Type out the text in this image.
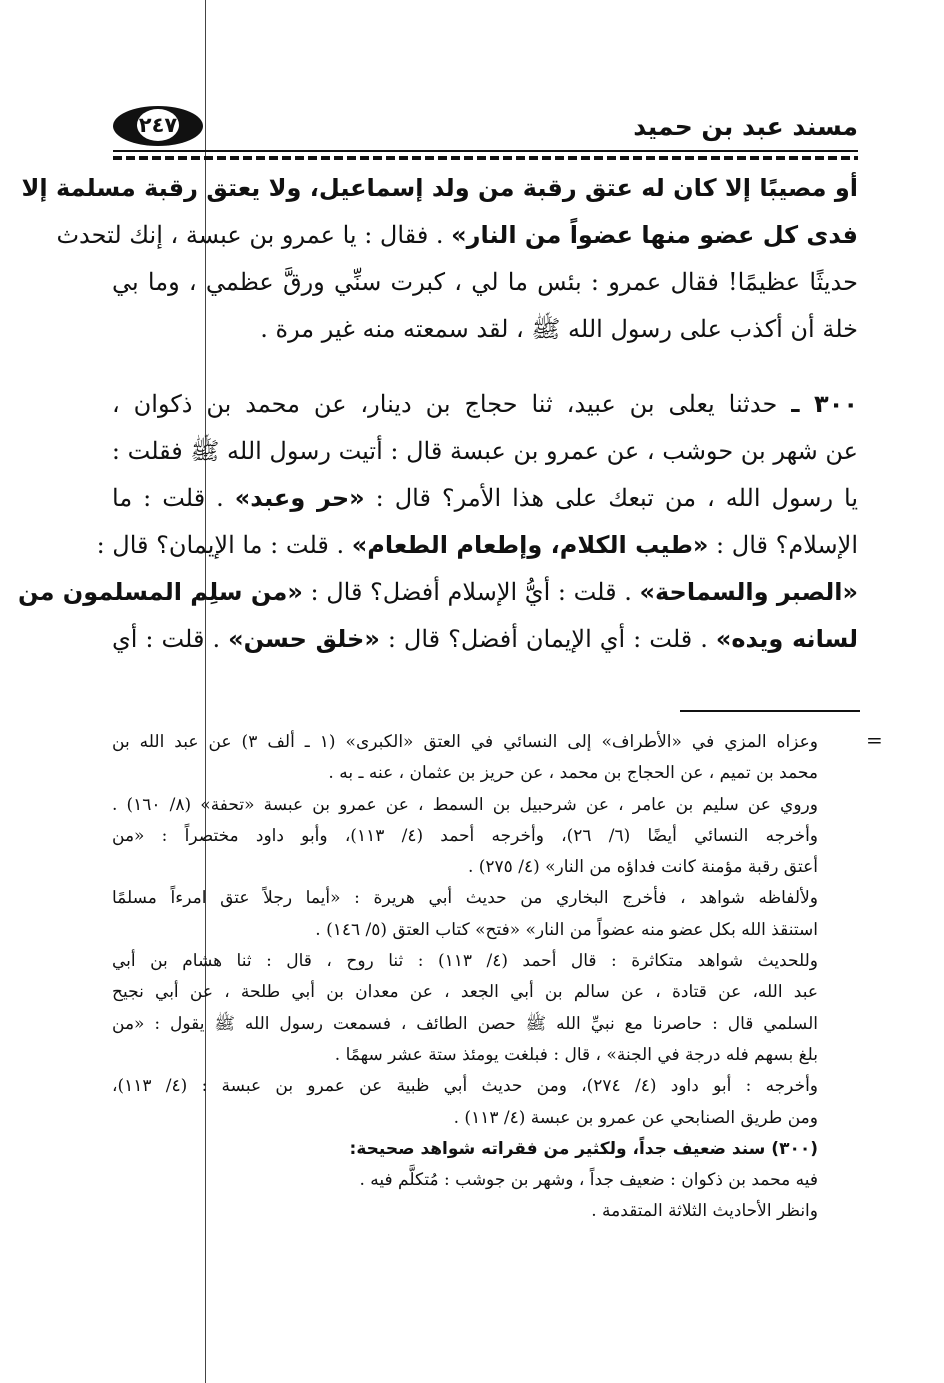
٢٤٧	مسند عبد بن حميد
أو مصيبًا إلا كان له عتق رقبة من ولد إسماعيل، ولا يعتق رقبة مسلمة إلا
فدى كل عضو منها عضواً من النار» . فقال : يا عمرو بن عبسة ، إنك لتحدث
حديثًا عظيمًا! فقال عمرو : بئس ما لي ، كبرت سنِّي ورقَّ عظمي ، وما بي
خلة أن أكذب على رسول الله ﷺ ، لقد سمعته منه غير مرة .
٣٠٠ ـ حدثنا يعلى بن عبيد، ثنا حجاج بن دينار، عن محمد بن ذكوان ،
عن شهر بن حوشب ، عن عمرو بن عبسة قال : أتيت رسول الله ﷺ فقلت :
يا رسول الله ، من تبعك على هذا الأمر؟ قال : «حر وعبد» . قلت : ما
الإسلام؟ قال : «طيب الكلام، وإطعام الطعام» . قلت : ما الإيمان؟ قال :
«الصبر والسماحة» . قلت : أيُّ الإسلام أفضل؟ قال : «من سلِم المسلمون من
لسانه ويده» . قلت : أي الإيمان أفضل؟ قال : «خلق حسن» . قلت : أي
=
وعزاه المزي في «الأطراف» إلى النسائي في العتق «الكبرى» (١ ـ ألف ٣) عن عبد الله بن
محمد بن تميم ، عن الحجاج بن محمد ، عن حريز بن عثمان ، عنه ـ به .
وروي عن سليم بن عامر ، عن شرحبيل بن السمط ، عن عمرو بن عبسة «تحفة» (٨/ ١٦٠) .
وأخرجه النسائي أيضًا (٦/ ٢٦)، وأخرجه أحمد (٤/ ١١٣)، وأبو داود مختصراً : «من
أعتق رقبة مؤمنة كانت فداؤه من النار» (٤/ ٢٧٥) .
ولألفاظه شواهد ، فأخرج البخاري من حديث أبي هريرة : «أيما رجلاً عتق امرءاً مسلمًا
استنقذ الله بكل عضو منه عضواً من النار» «فتح» كتاب العتق (٥/ ١٤٦) .
وللحديث شواهد متكاثرة : قال أحمد (٤/ ١١٣) : ثنا روح ، قال : ثنا هشام بن أبي
عبد الله، عن قتادة ، عن سالم بن أبي الجعد ، عن معدان بن أبي طلحة ، عن أبي نجيح
السلمي قال : حاصرنا مع نبيِّ الله ﷺ حصن الطائف ، فسمعت رسول الله ﷺ يقول : «من
بلغ بسهم فله درجة في الجنة» ، قال : فبلغت يومئذ ستة عشر سهمًا .
وأخرجه : أبو داود (٤/ ٢٧٤)، ومن حديث أبي ظبية عن عمرو بن عبسة : (٤/ ١١٣)،
ومن طريق الصنابحي عن عمرو بن عبسة (٤/ ١١٣) .
(٣٠٠) سند ضعيف جداً، ولكثير من فقراته شواهد صحيحة:
فيه محمد بن ذكوان : ضعيف جداً ، وشهر بن جوشب : مُتكلَّم فيه .
وانظر الأحاديث الثلاثة المتقدمة .
